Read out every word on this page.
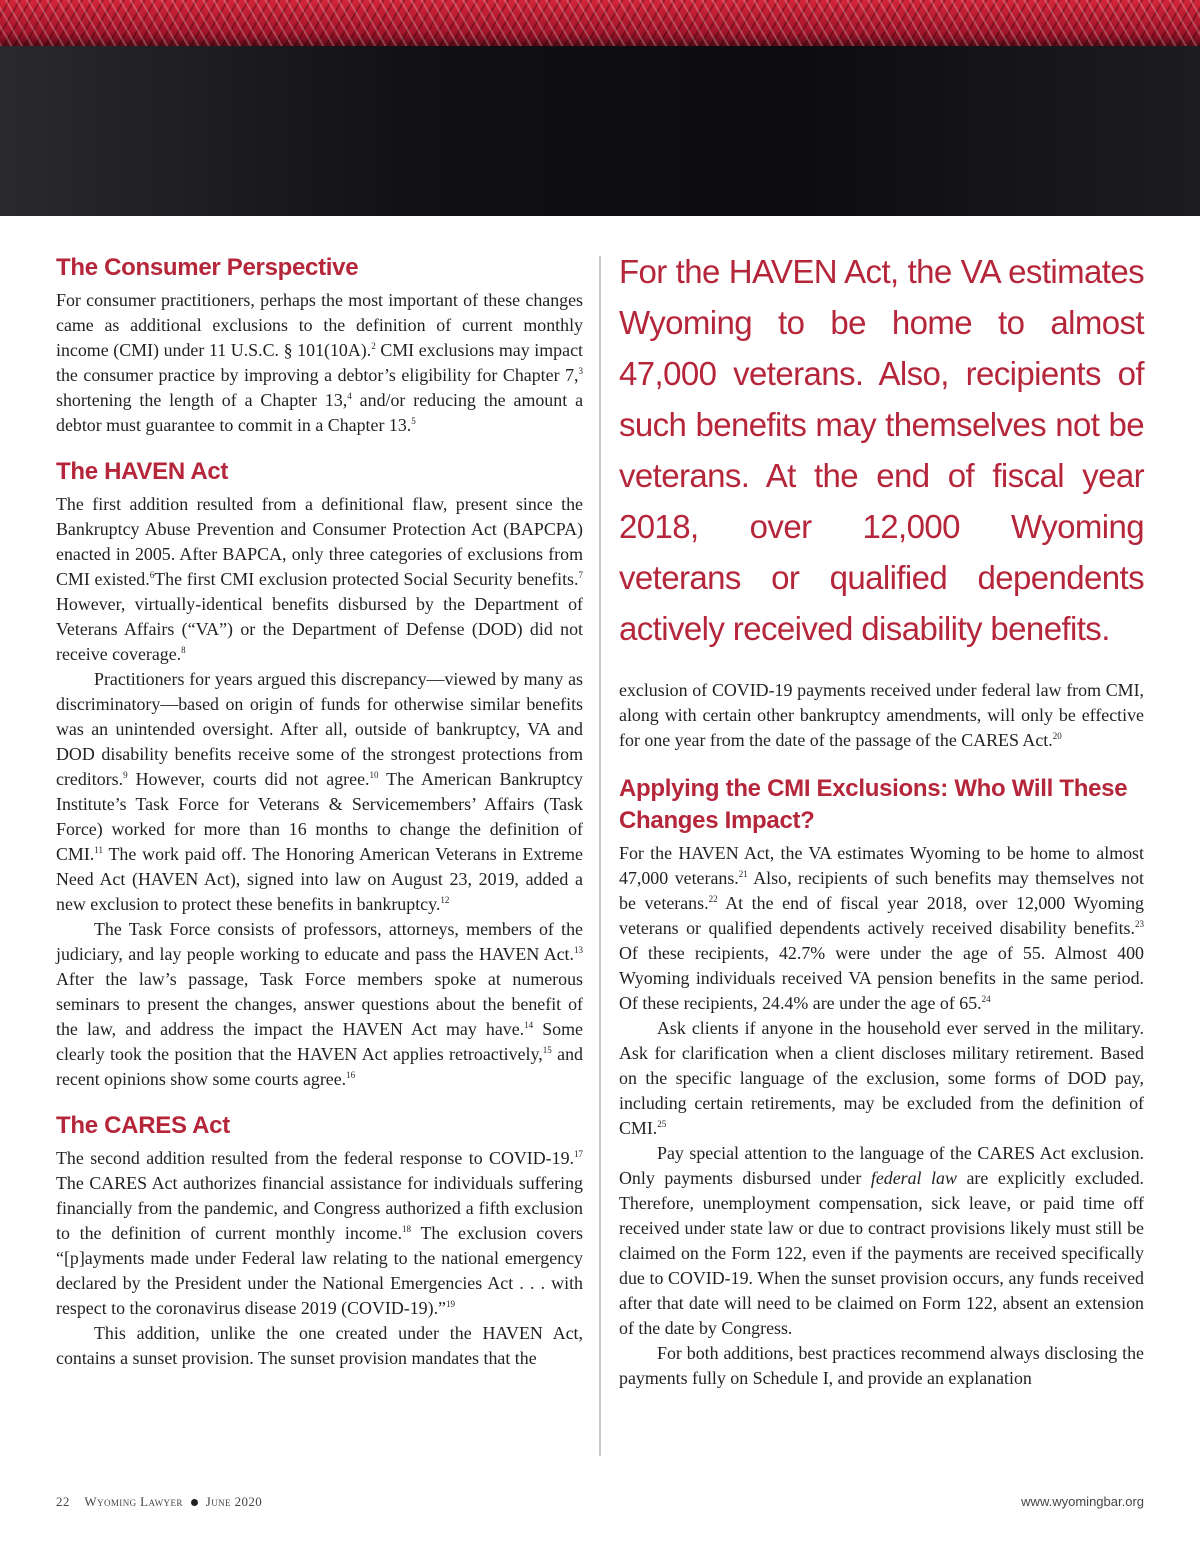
The Consumer Perspective

For consumer practitioners, perhaps the most important of these changes came as additional exclusions to the definition of current monthly income (CMI) under 11 U.S.C. § 101(10A).$^2$ CMI exclusions may impact the consumer practice by improving a debtor’s eligibility for Chapter 7,$^3$ shortening the length of a Chapter 13,$^4$ and/or reducing the amount a debtor must guarantee to commit in a Chapter 13.$^5$

The HAVEN Act

The first addition resulted from a definitional flaw, present since the Bankruptcy Abuse Prevention and Consumer Protection Act (BAPCPA) enacted in 2005. After BAPCA, only three categories of exclusions from CMI existed.$^6$The first CMI exclusion protected Social Security benefits.$^7$ However, virtually-identical benefits disbursed by the Department of Veterans Affairs (“VA”) or the Department of Defense (DOD) did not receive coverage.$^8$

Practitioners for years argued this discrepancy—viewed by many as discriminatory—based on origin of funds for otherwise similar benefits was an unintended oversight. After all, outside of bankruptcy, VA and DOD disability benefits receive some of the strongest protections from creditors.$^9$ However, courts did not agree.$^{10}$ The American Bankruptcy Institute’s Task Force for Veterans & Servicemembers’ Affairs (Task Force) worked for more than 16 months to change the definition of CMI.$^{11}$ The work paid off. The Honoring American Veterans in Extreme Need Act (HAVEN Act), signed into law on August 23, 2019, added a new exclusion to protect these benefits in bankruptcy.$^{12}$

The Task Force consists of professors, attorneys, members of the judiciary, and lay people working to educate and pass the HAVEN Act.$^{13}$ After the law’s passage, Task Force members spoke at numerous seminars to present the changes, answer questions about the benefit of the law, and address the impact the HAVEN Act may have.$^{14}$ Some clearly took the position that the HAVEN Act applies retroactively,$^{15}$ and recent opinions show some courts agree.$^{16}$

The CARES Act

The second addition resulted from the federal response to COVID-19.17 The CARES Act authorizes financial assistance for individuals suffering financially from the pandemic, and Congress authorized a fifth exclusion to the definition of current monthly income.$^{18}$ The exclusion covers “[p]ayments made under Federal law relating to the national emergency declared by the President under the National Emergencies Act . . . with respect to the coronavirus disease 2019 (COVID-19).”$^{19}$

This addition, unlike the one created under the HAVEN Act, contains a sunset provision. The sunset provision mandates that the

For the HAVEN Act, the VA estimates Wyoming to be home to almost 47,000 veterans. Also, recipients of such benefits may themselves not be veterans. At the end of fiscal year 2018, over 12,000 Wyoming veterans or qualified dependents actively received disability benefits.

exclusion of COVID-19 payments received under federal law from CMI, along with certain other bankruptcy amendments, will only be effective for one year from the date of the passage of the CARES Act.$^{20}$

Applying the CMI Exclusions: Who Will These Changes Impact?

For the HAVEN Act, the VA estimates Wyoming to be home to almost 47,000 veterans.$^{21}$ Also, recipients of such benefits may themselves not be veterans.$^{22}$ At the end of fiscal year 2018, over 12,000 Wyoming veterans or qualified dependents actively received disability benefits.$^{23}$ Of these recipients, 42.7% were under the age of 55. Almost 400 Wyoming individuals received VA pension benefits in the same period. Of these recipients, 24.4% are under the age of 65.24

Ask clients if anyone in the household ever served in the military. Ask for clarification when a client discloses military retirement. Based on the specific language of the exclusion, some forms of DOD pay, including certain retirements, may be excluded from the definition of CMI.$^{25}$

Pay special attention to the language of the CARES Act exclusion. Only payments disbursed under federal law are explicitly excluded. Therefore, unemployment compensation, sick leave, or paid time off received under state law or due to contract provisions likely must still be claimed on the Form 122, even if the payments are received specifically due to COVID-19. When the sunset provision occurs, any funds received after that date will need to be claimed on Form 122, absent an extension of the date by Congress.

For both additions, best practices recommend always disclosing the payments fully on Schedule I, and provide an explanation

22 Wyoming Lawyer June 2020	www.wyomingbar.org
